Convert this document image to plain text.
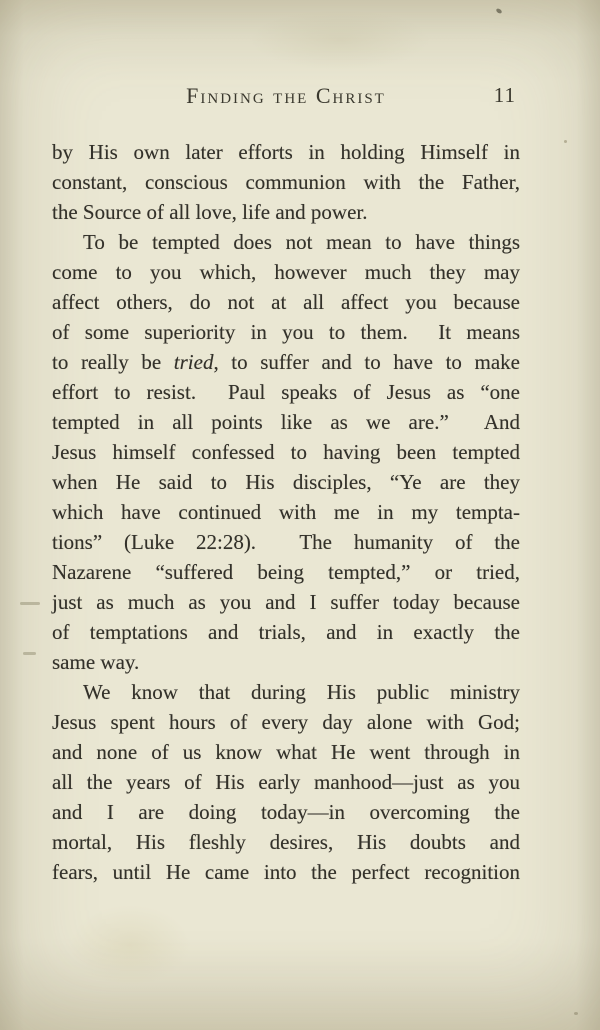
Finding the Christ	11
by His own later efforts in holding Himself in
constant, conscious communion with the Father,
the Source of all love, life and power.
To be tempted does not mean to have things
come to you which, however much they may
affect others, do not at all affect you because
of some superiority in you to them.  It means
to really be tried, to suffer and to have to make
effort to resist.  Paul speaks of Jesus as “one
tempted in all points like as we are.”  And
Jesus himself confessed to having been tempted
when He said to His disciples, “Ye are they
which have continued with me in my tempta-
tions” (Luke 22:28).  The humanity of the
Nazarene “suffered being tempted,” or tried,
just as much as you and I suffer today because
of temptations and trials, and in exactly the
same way.
We know that during His public ministry
Jesus spent hours of every day alone with God;
and none of us know what He went through in
all the years of His early manhood—just as you
and I are doing today—in overcoming the
mortal, His fleshly desires, His doubts and
fears, until He came into the perfect recognition
